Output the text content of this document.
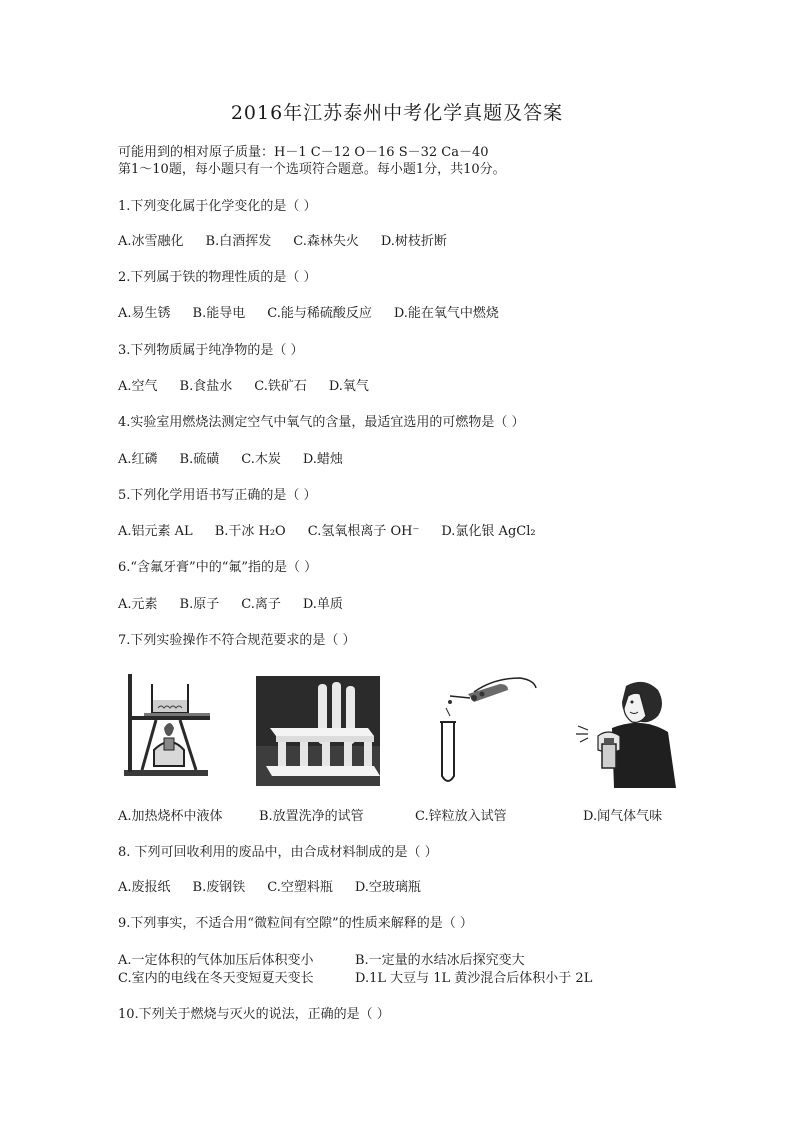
2016年江苏泰州中考化学真题及答案
可能用到的相对原子质量：H－1 C－12 O－16 S－32 Ca－40
第1～10题，每小题只有一个选项符合题意。每小题1分，共10分。
1.下列变化属于化学变化的是（ ）
A.冰雪融化 B.白酒挥发 C.森林失火 D.树枝折断
2.下列属于铁的物理性质的是（ ）
A.易生锈 B.能导电 C.能与稀硫酸反应 D.能在氧气中燃烧
3.下列物质属于纯净物的是（ ）
A.空气 B.食盐水 C.铁矿石 D.氧气
4.实验室用燃烧法测定空气中氧气的含量，最适宜选用的可燃物是（ ）
A.红磷 B.硫磺 C.木炭 D.蜡烛
5.下列化学用语书写正确的是（ ）
A.铝元素 AL B.干冰 H₂O C.氢氧根离子 OH⁻ D.氯化银 AgCl₂
6.“含氟牙膏”中的“氟”指的是（ ）
A.元素 B.原子 C.离子 D.单质
7.下列实验操作不符合规范要求的是（ ）
A.加热烧杯中液体	B.放置洗净的试管	C.锌粒放入试管	D.闻气体气味
8. 下列可回收利用的废品中，由合成材料制成的是（ ）
A.废报纸 B.废钢铁 C.空塑料瓶 D.空玻璃瓶
9.下列事实，不适合用“微粒间有空隙”的性质来解释的是（ ）
A.一定体积的气体加压后体积变小	B.一定量的水结冰后探究变大
C.室内的电线在冬天变短夏天变长	D.1L 大豆与 1L 黄沙混合后体积小于 2L
10.下列关于燃烧与灭火的说法，正确的是（ ）
